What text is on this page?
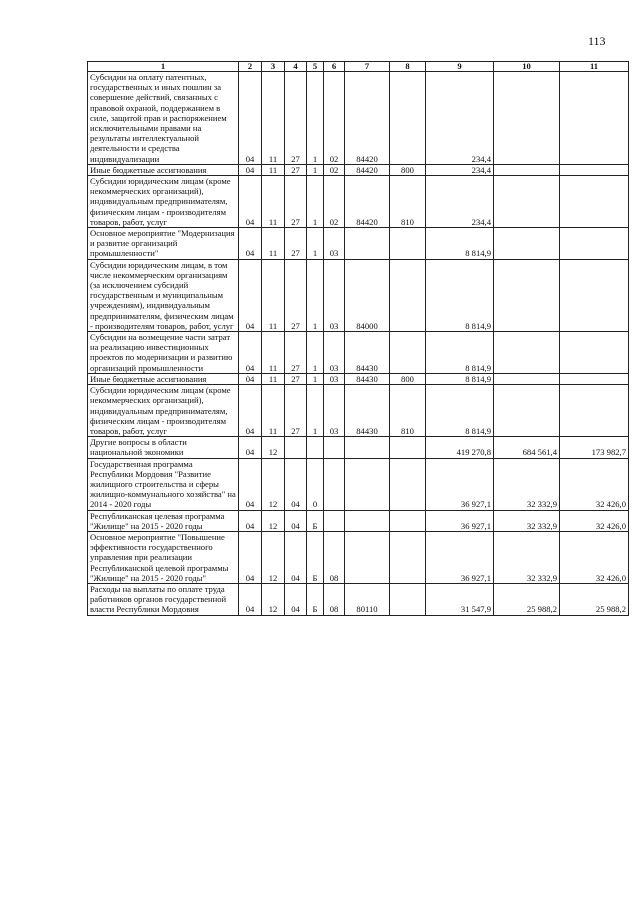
113
1	2	3	4	5	6	7	8	9	10	11
Субсидии на оплату патентных, государственных и иных пошлин за совершение действий, связанных с правовой охраной, поддержанием в силе, защитой прав и распоряжением исключительными правами на результаты интеллектуальной деятельности и средства индивидуализации	04	11	27	1	02	84420		234,4		
Иные бюджетные ассигнования	04	11	27	1	02	84420	800	234,4		
Субсидии юридическим лицам (кроме некоммерческих организаций), индивидуальным предпринимателям, физическим лицам - производителям товаров, работ, услуг	04	11	27	1	02	84420	810	234,4		
Основное мероприятие "Модернизация и развитие организаций промышленности"	04	11	27	1	03			8 814,9		
Субсидии юридическим лицам, в том числе некоммерческим организациям (за исключением субсидий государственным и муниципальным учреждениям), индивидуальным предпринимателям, физическим лицам - производителям товаров, работ, услуг	04	11	27	1	03	84000		8 814,9		
Субсидии на возмещение части затрат на реализацию инвестиционных проектов по модернизации и развитию организаций промышленности	04	11	27	1	03	84430		8 814,9		
Иные бюджетные ассигнования	04	11	27	1	03	84430	800	8 814,9		
Субсидии юридическим лицам (кроме некоммерческих организаций), индивидуальным предпринимателям, физическим лицам - производителям товаров, работ, услуг	04	11	27	1	03	84430	810	8 814,9		
Другие вопросы в области национальной экономики	04	12						419 270,8	684 561,4	173 982,7
Государственная программа Республики Мордовия "Развитие жилищного строительства и сферы жилищно-коммунального хозяйства" на 2014 - 2020 годы	04	12	04	0				36 927,1	32 332,9	32 426,0
Республиканская целевая программа "Жилище" на 2015 - 2020 годы	04	12	04	Б				36 927,1	32 332,9	32 426,0
Основное мероприятие "Повышение эффективности государственного управления при реализации Республиканской целевой программы "Жилище" на 2015 - 2020 годы"	04	12	04	Б	08			36 927,1	32 332,9	32 426,0
Расходы на выплаты по оплате труда работников органов государственной власти Республики Мордовия	04	12	04	Б	08	80110		31 547,9	25 988,2	25 988,2
